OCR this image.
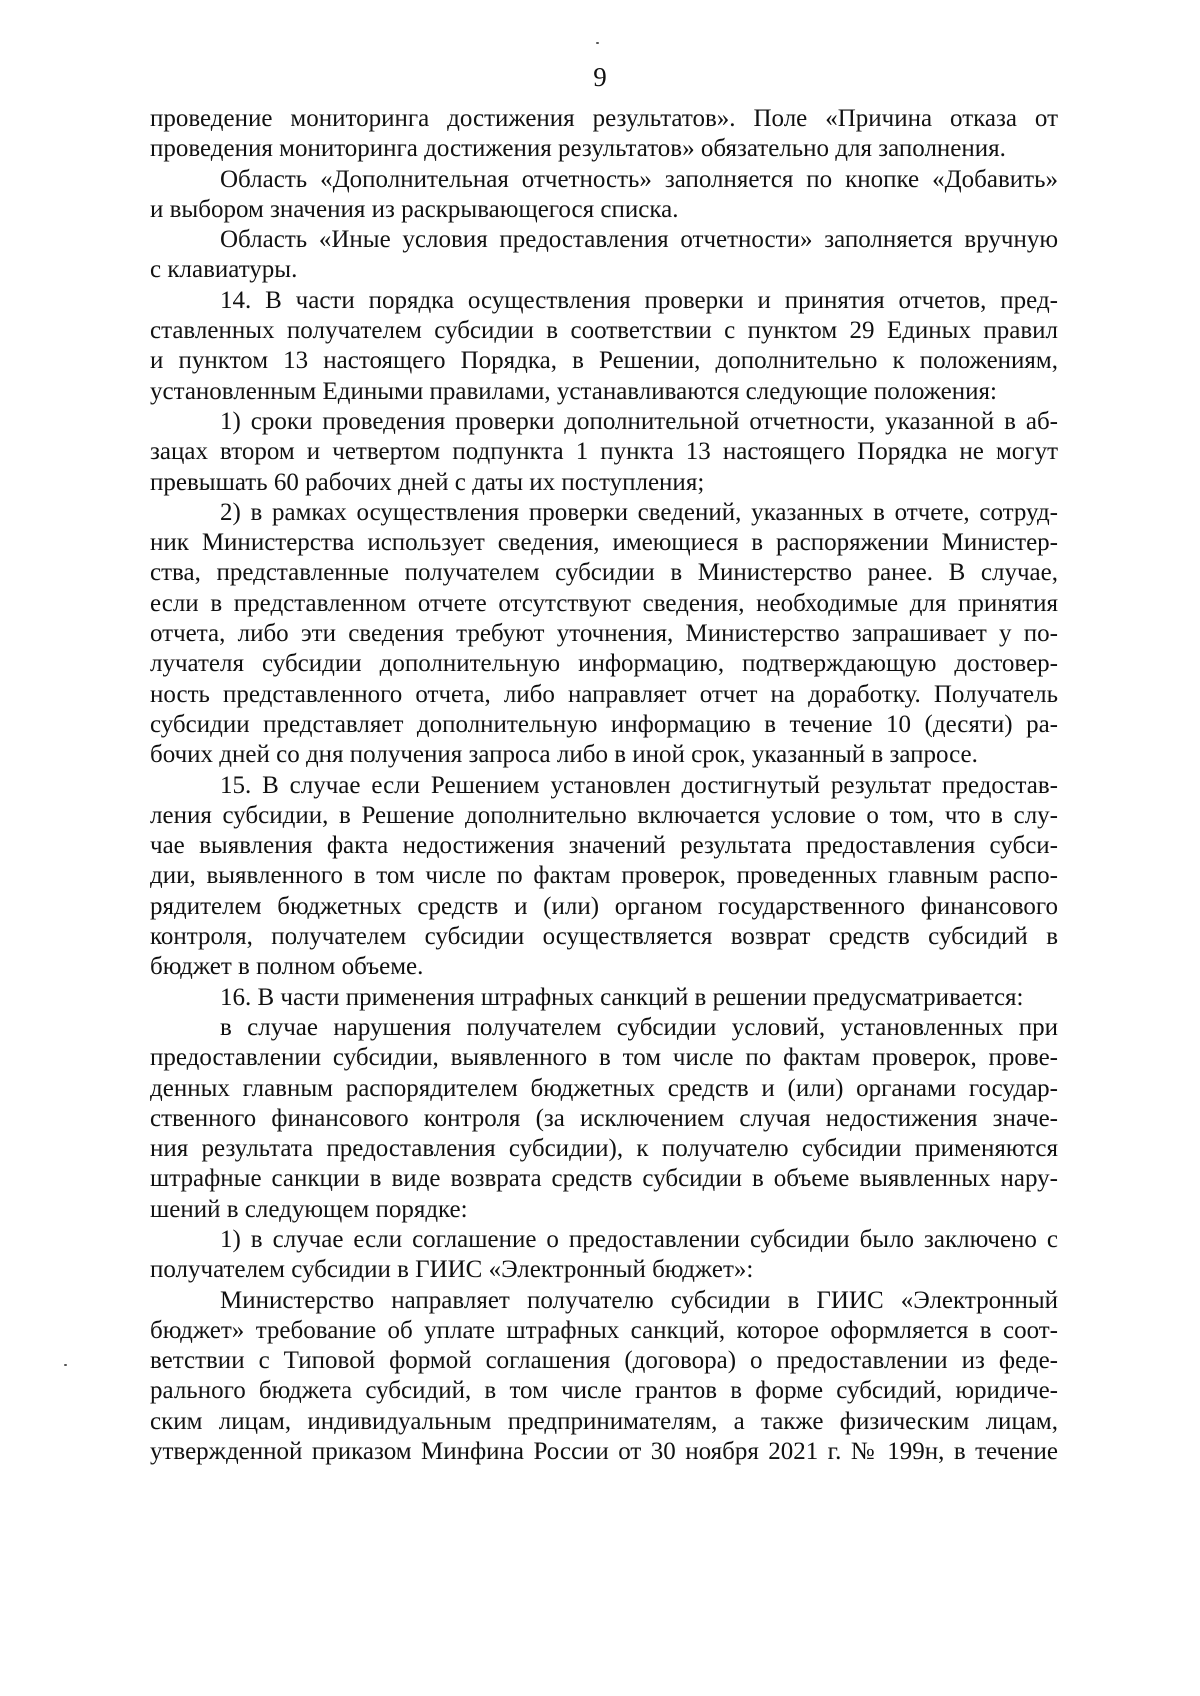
9
проведение мониторинга достижения результатов». Поле «Причина отказа от
проведения мониторинга достижения результатов» обязательно для заполнения.
Область «Дополнительная отчетность» заполняется по кнопке «Добавить»
и выбором значения из раскрывающегося списка.
Область «Иные условия предоставления отчетности» заполняется вручную
с клавиатуры.
14. В части порядка осуществления проверки и принятия отчетов, пред-
ставленных получателем субсидии в соответствии с пунктом 29 Единых правил
и пунктом 13 настоящего Порядка, в Решении, дополнительно к положениям,
установленным Едиными правилами, устанавливаются следующие положения:
1) сроки проведения проверки дополнительной отчетности, указанной в аб-
зацах втором и четвертом подпункта 1 пункта 13 настоящего Порядка не могут
превышать 60 рабочих дней с даты их поступления;
2) в рамках осуществления проверки сведений, указанных в отчете, сотруд-
ник Министерства использует сведения, имеющиеся в распоряжении Министер-
ства, представленные получателем субсидии в Министерство ранее. В случае,
если в представленном отчете отсутствуют сведения, необходимые для принятия
отчета, либо эти сведения требуют уточнения, Министерство запрашивает у по-
лучателя субсидии дополнительную информацию, подтверждающую достовер-
ность представленного отчета, либо направляет отчет на доработку. Получатель
субсидии представляет дополнительную информацию в течение 10 (десяти) ра-
бочих дней со дня получения запроса либо в иной срок, указанный в запросе.
15. В случае если Решением установлен достигнутый результат предостав-
ления субсидии, в Решение дополнительно включается условие о том, что в слу-
чае выявления факта недостижения значений результата предоставления субси-
дии, выявленного в том числе по фактам проверок, проведенных главным распо-
рядителем бюджетных средств и (или) органом государственного финансового
контроля, получателем субсидии осуществляется возврат средств субсидий в
бюджет в полном объеме.
16. В части применения штрафных санкций в решении предусматривается:
в случае нарушения получателем субсидии условий, установленных при
предоставлении субсидии, выявленного в том числе по фактам проверок, прове-
денных главным распорядителем бюджетных средств и (или) органами государ-
ственного финансового контроля (за исключением случая недостижения значе-
ния результата предоставления субсидии), к получателю субсидии применяются
штрафные санкции в виде возврата средств субсидии в объеме выявленных нару-
шений в следующем порядке:
1) в случае если соглашение о предоставлении субсидии было заключено с
получателем субсидии в ГИИС «Электронный бюджет»:
Министерство направляет получателю субсидии в ГИИС «Электронный
бюджет» требование об уплате штрафных санкций, которое оформляется в соот-
ветствии с Типовой формой соглашения (договора) о предоставлении из феде-
рального бюджета субсидий, в том числе грантов в форме субсидий, юридиче-
ским лицам, индивидуальным предпринимателям, а также физическим лицам,
утвержденной приказом Минфина России от 30 ноября 2021 г. № 199н, в течение
